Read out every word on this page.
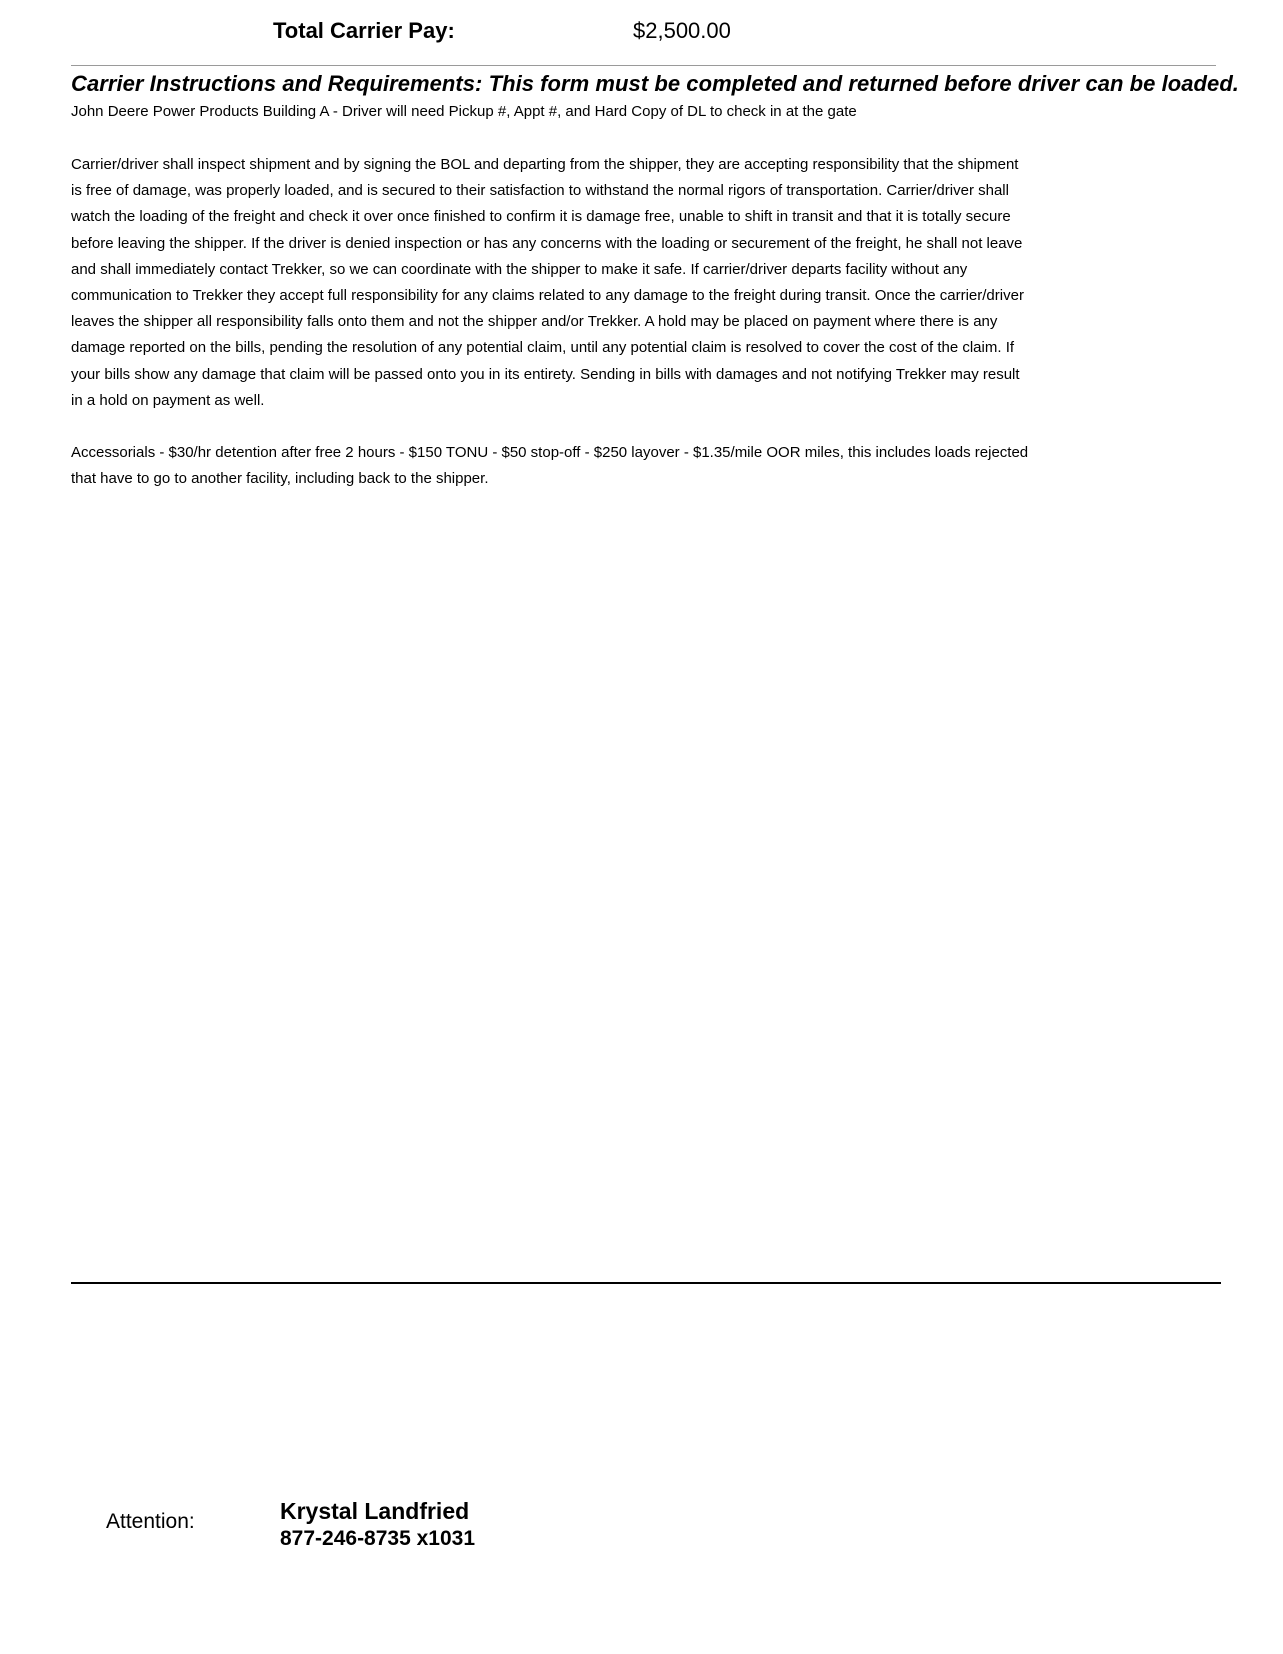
Total Carrier Pay:	$2,500.00
Carrier Instructions and Requirements: This form must be completed and returned before driver can be loaded.
John Deere Power Products Building A - Driver will need Pickup #, Appt #, and Hard Copy of DL to check in at the gate
Carrier/driver shall inspect shipment and by signing the BOL and departing from the shipper, they are accepting responsibility that the shipment
is free of damage, was properly loaded, and is secured to their satisfaction to withstand the normal rigors of transportation. Carrier/driver shall
watch the loading of the freight and check it over once finished to confirm it is damage free, unable to shift in transit and that it is totally secure
before leaving the shipper. If the driver is denied inspection or has any concerns with the loading or securement of the freight, he shall not leave
and shall immediately contact Trekker, so we can coordinate with the shipper to make it safe. If carrier/driver departs facility without any
communication to Trekker they accept full responsibility for any claims related to any damage to the freight during transit. Once the carrier/driver
leaves the shipper all responsibility falls onto them and not the shipper and/or Trekker. A hold may be placed on payment where there is any
damage reported on the bills, pending the resolution of any potential claim, until any potential claim is resolved to cover the cost of the claim. If
your bills show any damage that claim will be passed onto you in its entirety. Sending in bills with damages and not notifying Trekker may result
in a hold on payment as well.
Accessorials - $30/hr detention after free 2 hours - $150 TONU - $50 stop-off - $250 layover - $1.35/mile OOR miles, this includes loads rejected
that have to go to another facility, including back to the shipper.
Attention:	Krystal Landfried
877-246-8735 x1031
